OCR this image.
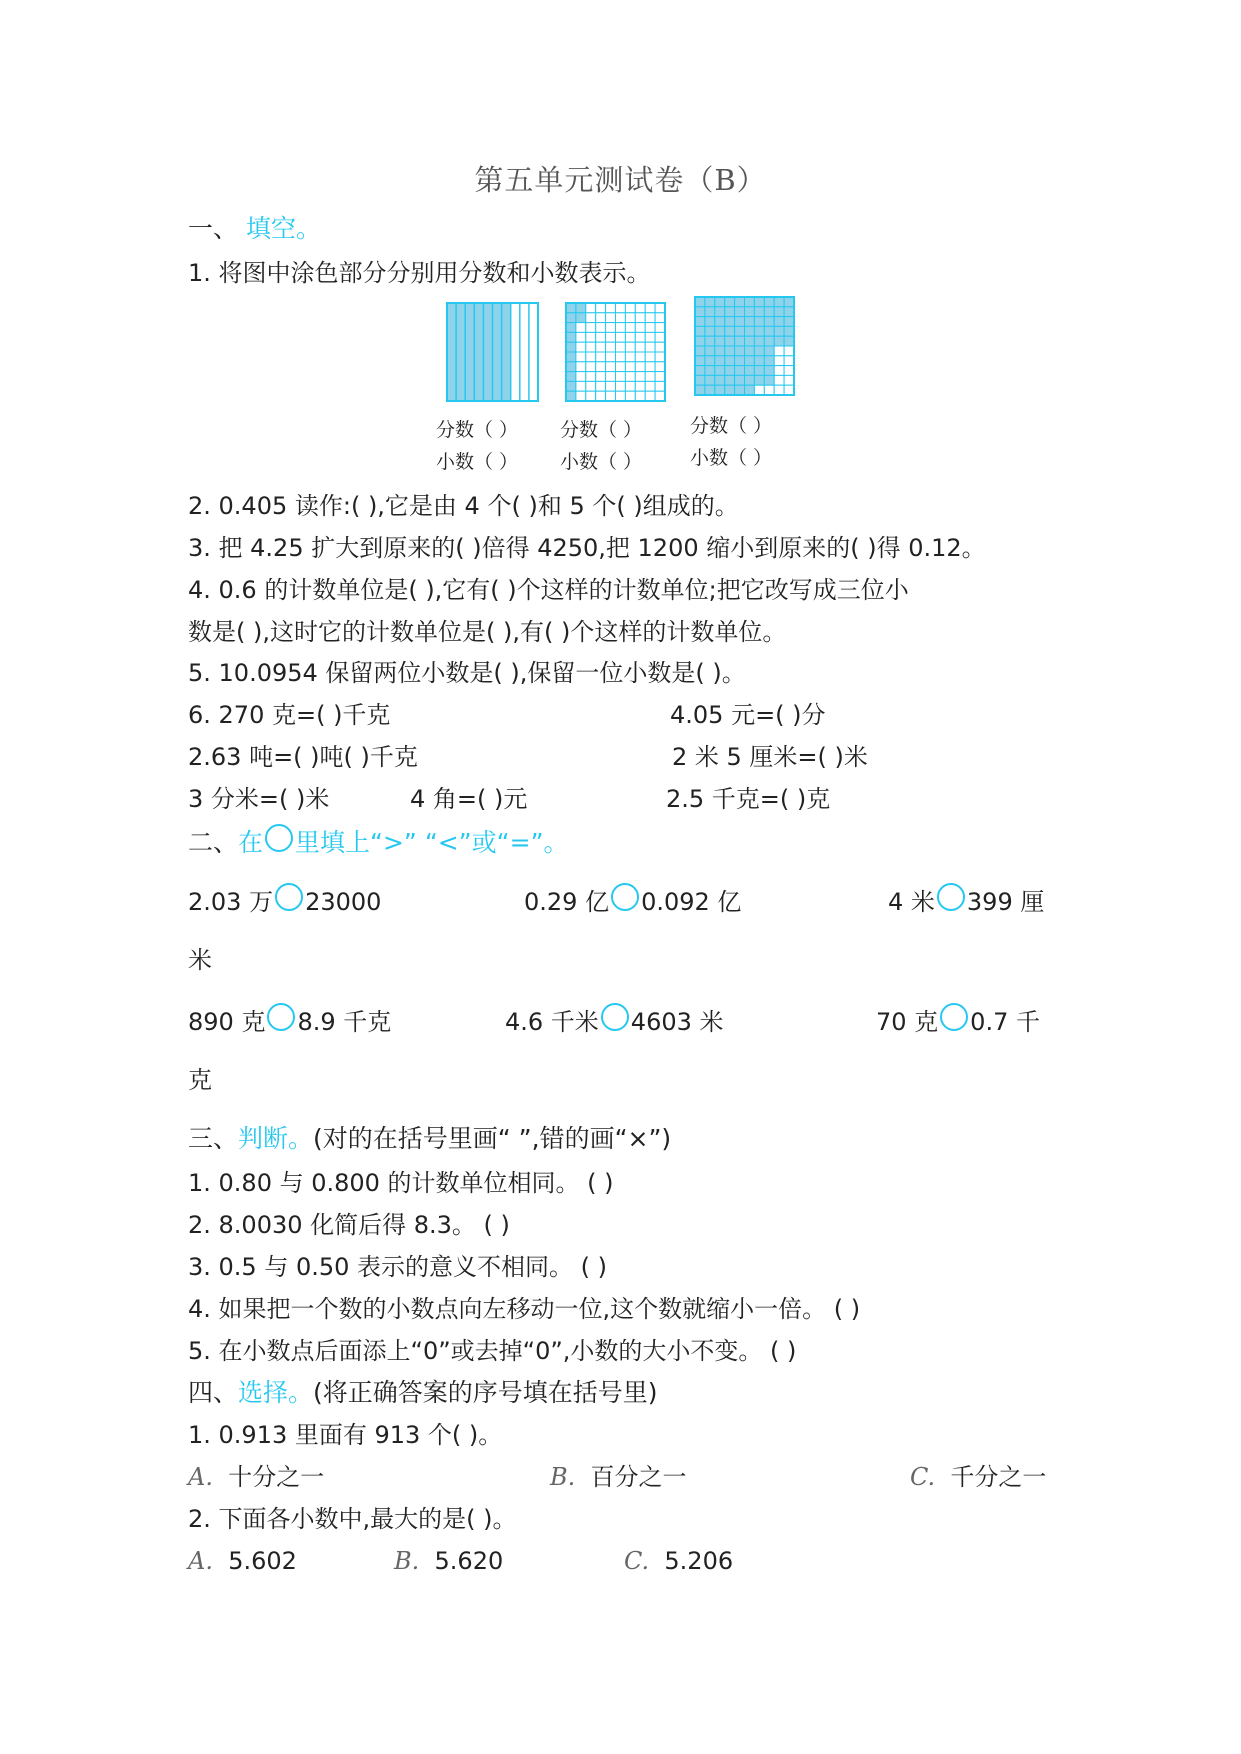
第五单元测试卷（B）
一、 填空。
1. 将图中涂色部分分别用分数和小数表示。
分数（ ）
小数（ ）
分数（ ）
小数（ ）
分数（ ）
小数（ ）
2. 0.405 读作:( ),它是由 4 个( )和 5 个( )组成的。
3. 把 4.25 扩大到原来的( )倍得 4250,把 1200 缩小到原来的( )得 0.12。
4. 0.6 的计数单位是( ),它有( )个这样的计数单位;把它改写成三位小
数是( ),这时它的计数单位是( ),有( )个这样的计数单位。
5. 10.0954 保留两位小数是( ),保留一位小数是( )。
6. 270 克=( )千克	4.05 元=( )分
2.63 吨=( )吨( )千克	2 米 5 厘米=( )米
3 分米=( )米	4 角=( )元	2.5 千克=( )克
二、在 里填上“>” “<”或“=”。
2.03 万 23000	0.29 亿 0.092 亿	4 米 399 厘
米
890 克 8.9 千克	4.6 千米 4603 米	70 克 0.7 千
克
三、判断。(对的在括号里画“ ”,错的画“×”)
1. 0.80 与 0.800 的计数单位相同。 ( )
2. 8.0030 化简后得 8.3。 ( )
3. 0.5 与 0.50 表示的意义不相同。 ( )
4. 如果把一个数的小数点向左移动一位,这个数就缩小一倍。 ( )
5. 在小数点后面添上“0”或去掉“0”,小数的大小不变。 ( )
四、选择。(将正确答案的序号填在括号里)
1. 0.913 里面有 913 个( )。
A. 十分之一	B. 百分之一	C. 千分之一
2. 下面各小数中,最大的是( )。
A. 5.602	B. 5.620	C. 5.206
